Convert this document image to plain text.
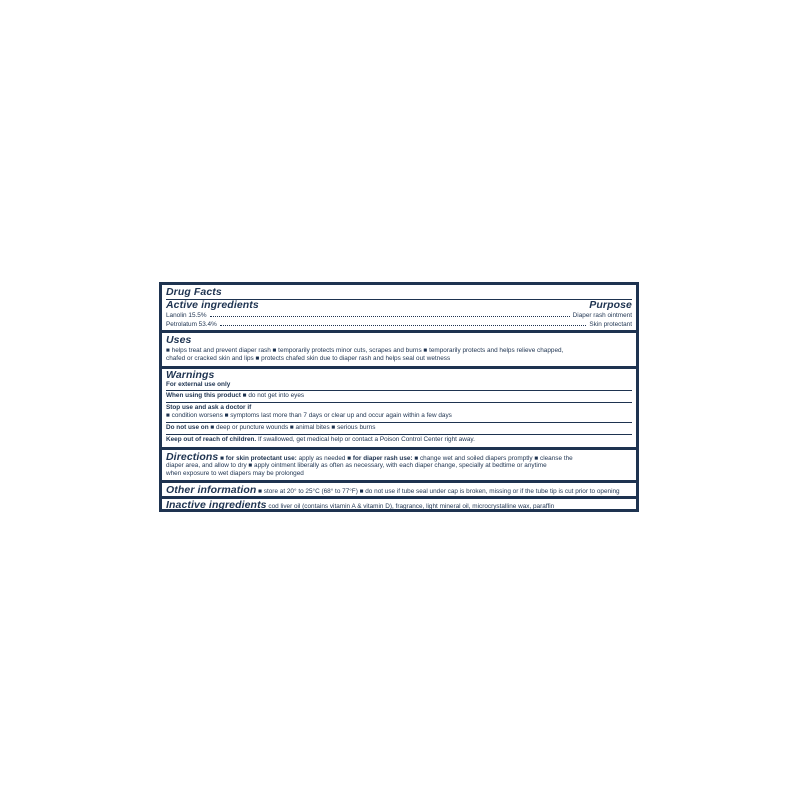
Drug Facts
Active ingredients	Purpose
Lanolin 15.5%	Diaper rash ointment
Petrolatum 53.4%	Skin protectant
Uses
■ helps treat and prevent diaper rash ■ temporarily protects minor cuts, scrapes and burns ■ temporarily protects and helps relieve chapped,
chafed or cracked skin and lips ■ protects chafed skin due to diaper rash and helps seal out wetness
Warnings
For external use only
When using this product ■ do not get into eyes
Stop use and ask a doctor if
■ condition worsens ■ symptoms last more than 7 days or clear up and occur again within a few days
Do not use on ■ deep or puncture wounds ■ animal bites ■ serious burns
Keep out of reach of children. If swallowed, get medical help or contact a Poison Control Center right away.
Directions ■ for skin protectant use: apply as needed ■ for diaper rash use: ■ change wet and soiled diapers promptly ■ cleanse the
diaper area, and allow to dry ■ apply ointment liberally as often as necessary, with each diaper change, specially at bedtime or anytime
when exposure to wet diapers may be prolonged
Other information ■ store at 20° to 25°C (68° to 77°F) ■ do not use if tube seal under cap is broken, missing or if the tube tip is cut prior to opening
Inactive ingredients cod liver oil (contains vitamin A & vitamin D), fragrance, light mineral oil, microcrystalline wax, paraffin
